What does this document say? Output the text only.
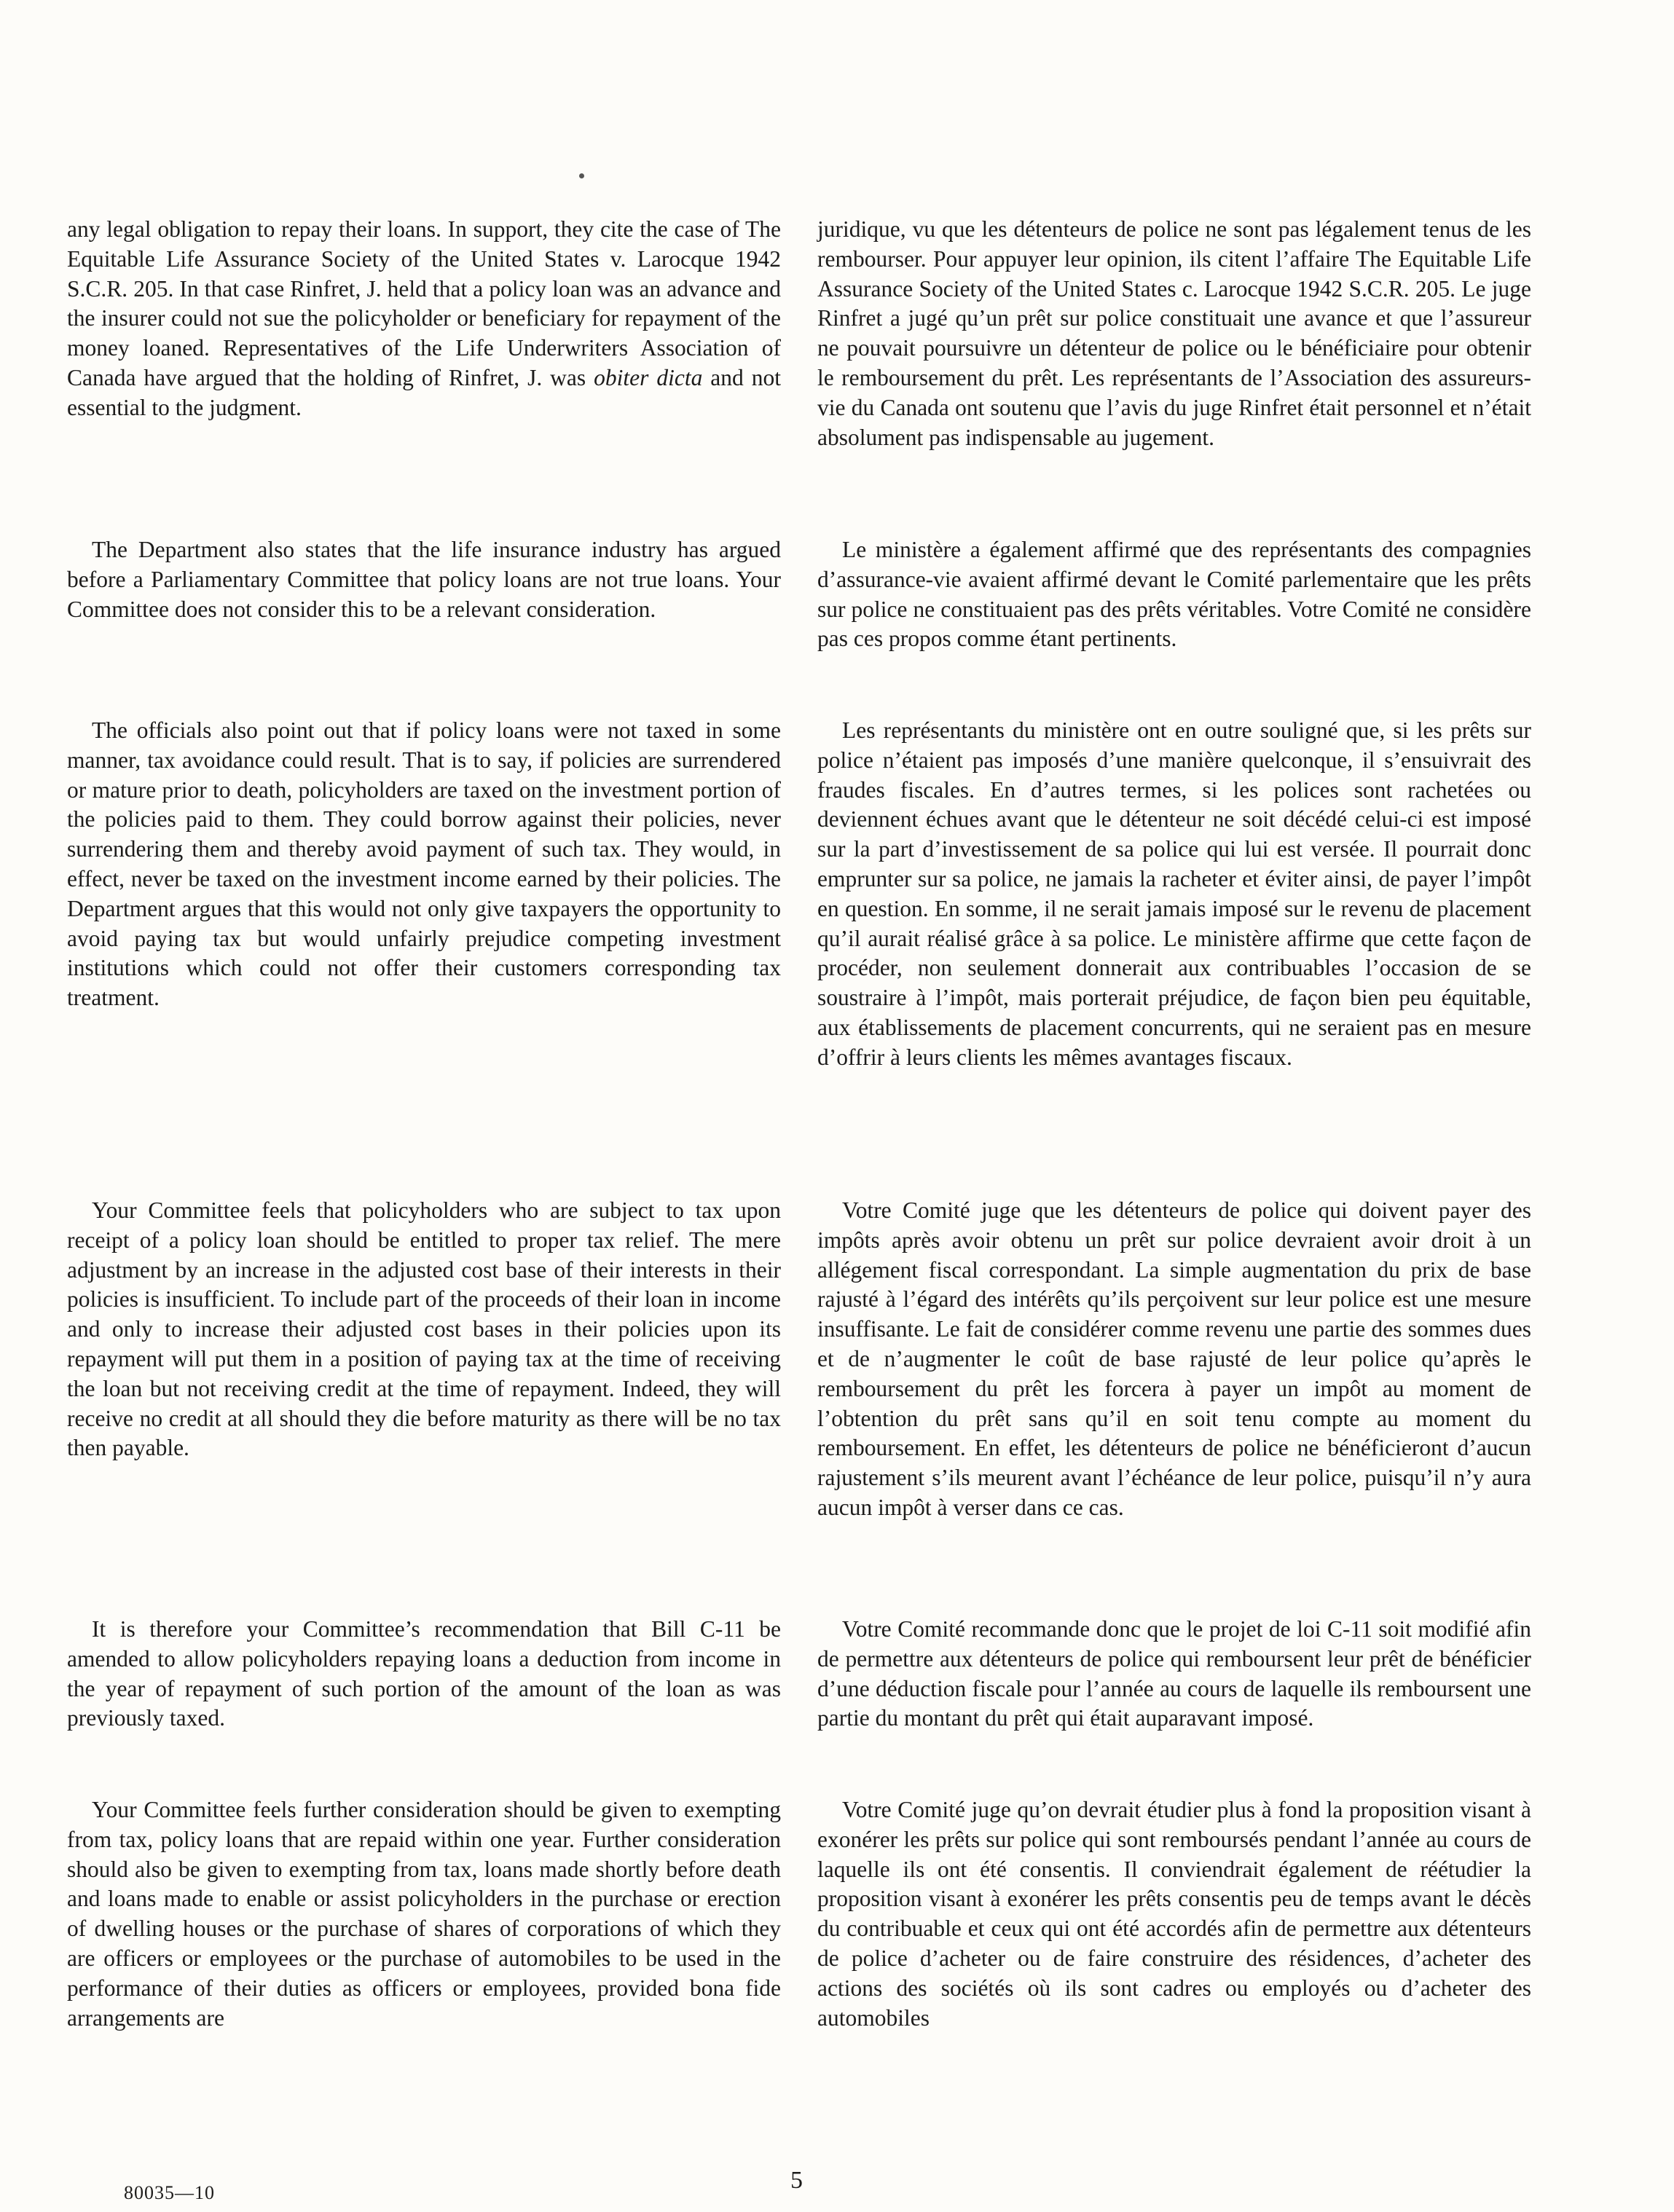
any legal obligation to repay their loans. In support, they cite the case of The Equitable Life Assurance Society of the United States v. Larocque 1942 S.C.R. 205. In that case Rinfret, J. held that a policy loan was an advance and the insurer could not sue the policyholder or beneficiary for repayment of the money loaned. Representatives of the Life Underwriters Association of Canada have argued that the holding of Rinfret, J. was obiter dicta and not essential to the judgment.

The Department also states that the life insurance industry has argued before a Parliamentary Committee that policy loans are not true loans. Your Committee does not consider this to be a relevant consideration.

The officials also point out that if policy loans were not taxed in some manner, tax avoidance could result. That is to say, if policies are surrendered or mature prior to death, policyholders are taxed on the investment portion of the policies paid to them. They could borrow against their policies, never surrendering them and thereby avoid payment of such tax. They would, in effect, never be taxed on the investment income earned by their policies. The Department argues that this would not only give taxpayers the opportunity to avoid paying tax but would unfairly prejudice competing investment institutions which could not offer their customers corresponding tax treatment.

Your Committee feels that policyholders who are subject to tax upon receipt of a policy loan should be entitled to proper tax relief. The mere adjustment by an increase in the adjusted cost base of their interests in their policies is insufficient. To include part of the proceeds of their loan in income and only to increase their adjusted cost bases in their policies upon its repayment will put them in a position of paying tax at the time of receiving the loan but not receiving credit at the time of repayment. Indeed, they will receive no credit at all should they die before maturity as there will be no tax then payable.

It is therefore your Committee’s recommendation that Bill C-11 be amended to allow policyholders repaying loans a deduction from income in the year of repayment of such portion of the amount of the loan as was previously taxed.

Your Committee feels further consideration should be given to exempting from tax, policy loans that are repaid within one year. Further consideration should also be given to exempting from tax, loans made shortly before death and loans made to enable or assist policyholders in the purchase or erection of dwelling houses or the purchase of shares of corporations of which they are officers or employees or the purchase of automobiles to be used in the performance of their duties as officers or employees, provided bona fide arrangements are

juridique, vu que les détenteurs de police ne sont pas légalement tenus de les rembourser. Pour appuyer leur opinion, ils citent l’affaire The Equitable Life Assurance Society of the United States c. Larocque 1942 S.C.R. 205. Le juge Rinfret a jugé qu’un prêt sur police constituait une avance et que l’assureur ne pouvait poursuivre un détenteur de police ou le bénéficiaire pour obtenir le remboursement du prêt. Les représentants de l’Association des assureurs-vie du Canada ont soutenu que l’avis du juge Rinfret était personnel et n’était absolument pas indispensable au jugement.

Le ministère a également affirmé que des représentants des compagnies d’assurance-vie avaient affirmé devant le Comité parlementaire que les prêts sur police ne constituaient pas des prêts véritables. Votre Comité ne considère pas ces propos comme étant pertinents.

Les représentants du ministère ont en outre souligné que, si les prêts sur police n’étaient pas imposés d’une manière quelconque, il s’ensuivrait des fraudes fiscales. En d’autres termes, si les polices sont rachetées ou deviennent échues avant que le détenteur ne soit décédé celui-ci est imposé sur la part d’investissement de sa police qui lui est versée. Il pourrait donc emprunter sur sa police, ne jamais la racheter et éviter ainsi, de payer l’impôt en question. En somme, il ne serait jamais imposé sur le revenu de placement qu’il aurait réalisé grâce à sa police. Le ministère affirme que cette façon de procéder, non seulement donnerait aux contribuables l’occasion de se soustraire à l’impôt, mais porterait préjudice, de façon bien peu équitable, aux établissements de placement concurrents, qui ne seraient pas en mesure d’offrir à leurs clients les mêmes avantages fiscaux.

Votre Comité juge que les détenteurs de police qui doivent payer des impôts après avoir obtenu un prêt sur police devraient avoir droit à un allégement fiscal correspondant. La simple augmentation du prix de base rajusté à l’égard des intérêts qu’ils perçoivent sur leur police est une mesure insuffisante. Le fait de considérer comme revenu une partie des sommes dues et de n’augmenter le coût de base rajusté de leur police qu’après le remboursement du prêt les forcera à payer un impôt au moment de l’obtention du prêt sans qu’il en soit tenu compte au moment du remboursement. En effet, les détenteurs de police ne bénéficieront d’aucun rajustement s’ils meurent avant l’échéance de leur police, puisqu’il n’y aura aucun impôt à verser dans ce cas.

Votre Comité recommande donc que le projet de loi C-11 soit modifié afin de permettre aux détenteurs de police qui remboursent leur prêt de bénéficier d’une déduction fiscale pour l’année au cours de laquelle ils remboursent une partie du montant du prêt qui était auparavant imposé.

Votre Comité juge qu’on devrait étudier plus à fond la proposition visant à exonérer les prêts sur police qui sont remboursés pendant l’année au cours de laquelle ils ont été consentis. Il conviendrait également de réétudier la proposition visant à exonérer les prêts consentis peu de temps avant le décès du contribuable et ceux qui ont été accordés afin de permettre aux détenteurs de police d’acheter ou de faire construire des résidences, d’acheter des actions des sociétés où ils sont cadres ou employés ou d’acheter des automobiles

5
80035—10
